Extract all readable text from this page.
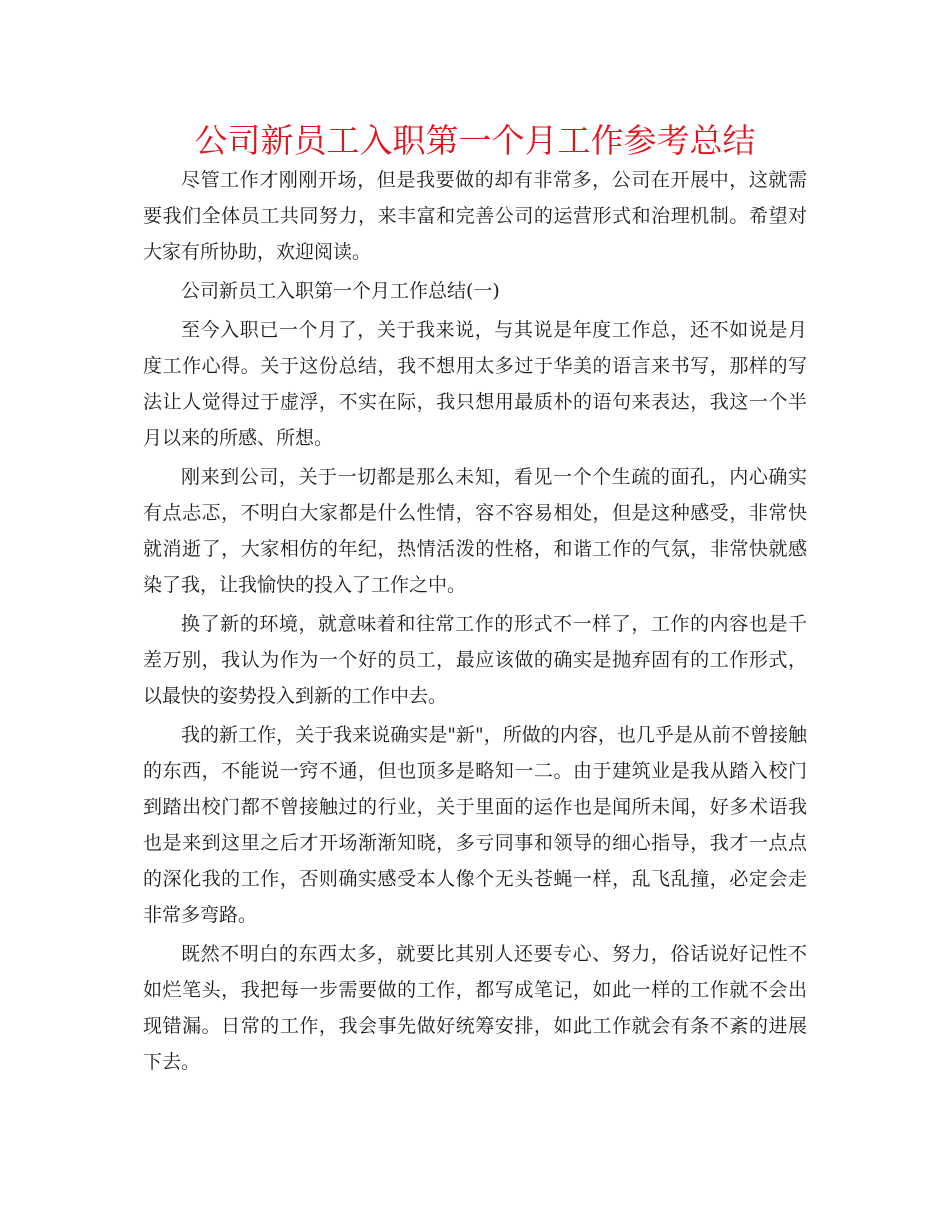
公司新员工入职第一个月工作参考总结

尽管工作才刚刚开场，但是我要做的却有非常多，公司在开展中，这就需要我们全体员工共同努力，来丰富和完善公司的运营形式和治理机制。希望对大家有所协助，欢迎阅读。

公司新员工入职第一个月工作总结(一)

至今入职已一个月了，关于我来说，与其说是年度工作总，还不如说是月度工作心得。关于这份总结，我不想用太多过于华美的语言来书写，那样的写法让人觉得过于虚浮，不实在际，我只想用最质朴的语句来表达，我这一个半月以来的所感、所想。

刚来到公司，关于一切都是那么未知，看见一个个生疏的面孔，内心确实有点忐忑，不明白大家都是什么性情，容不容易相处，但是这种感受，非常快就消逝了，大家相仿的年纪，热情活泼的性格，和谐工作的气氛，非常快就感染了我，让我愉快的投入了工作之中。

换了新的环境，就意味着和往常工作的形式不一样了，工作的内容也是千差万别，我认为作为一个好的员工，最应该做的确实是抛弃固有的工作形式，以最快的姿势投入到新的工作中去。

我的新工作，关于我来说确实是"新"，所做的内容，也几乎是从前不曾接触的东西，不能说一窍不通，但也顶多是略知一二。由于建筑业是我从踏入校门到踏出校门都不曾接触过的行业，关于里面的运作也是闻所未闻，好多术语我也是来到这里之后才开场渐渐知晓，多亏同事和领导的细心指导，我才一点点的深化我的工作，否则确实感受本人像个无头苍蝇一样，乱飞乱撞，必定会走非常多弯路。

既然不明白的东西太多，就要比其别人还要专心、努力，俗话说好记性不如烂笔头，我把每一步需要做的工作，都写成笔记，如此一样的工作就不会出现错漏。日常的工作，我会事先做好统筹安排，如此工作就会有条不紊的进展下去。
